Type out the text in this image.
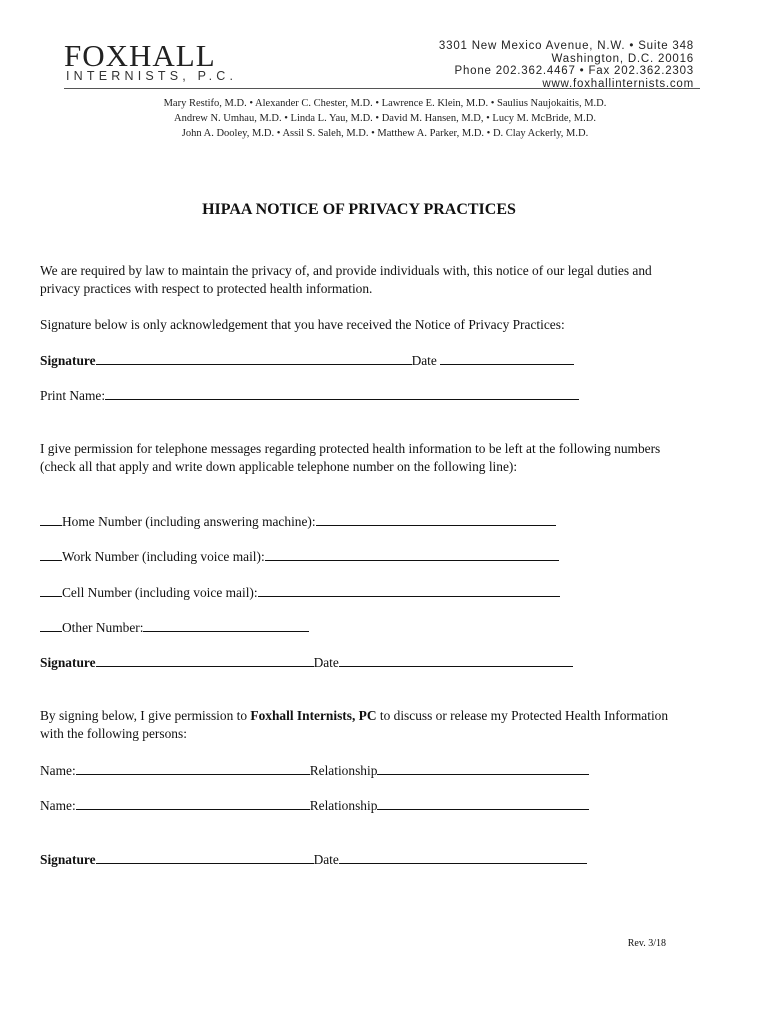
FOXHALL
INTERNISTS, P.C.
3301 New Mexico Avenue, N.W. • Suite 348
Washington, D.C. 20016
Phone 202.362.4467 • Fax 202.362.2303
www.foxhallinternists.com
Mary Restifo, M.D. • Alexander C. Chester, M.D. • Lawrence E. Klein, M.D. • Saulius Naujokaitis, M.D.
Andrew N. Umhau, M.D. • Linda L. Yau, M.D. • David M. Hansen, M.D, • Lucy M. McBride, M.D.
John A. Dooley, M.D. • Assil S. Saleh, M.D. • Matthew A. Parker, M.D. • D. Clay Ackerly, M.D.
HIPAA NOTICE OF PRIVACY PRACTICES
We are required by law to maintain the privacy of, and provide individuals with, this notice of our legal duties and privacy practices with respect to protected health information.
Signature below is only acknowledgement that you have received the Notice of Privacy Practices:
Signature	Date
Print Name:
I give permission for telephone messages regarding protected health information to be left at the following numbers (check all that apply and write down applicable telephone number on the following line):
Home Number (including answering machine):
Work Number (including voice mail):
Cell Number (including voice mail):
Other Number:
Signature	Date
By signing below, I give permission to Foxhall Internists, PC to discuss or release my Protected Health Information with the following persons:
Name:	Relationship
Name:	Relationship
Signature	Date
Rev. 3/18
